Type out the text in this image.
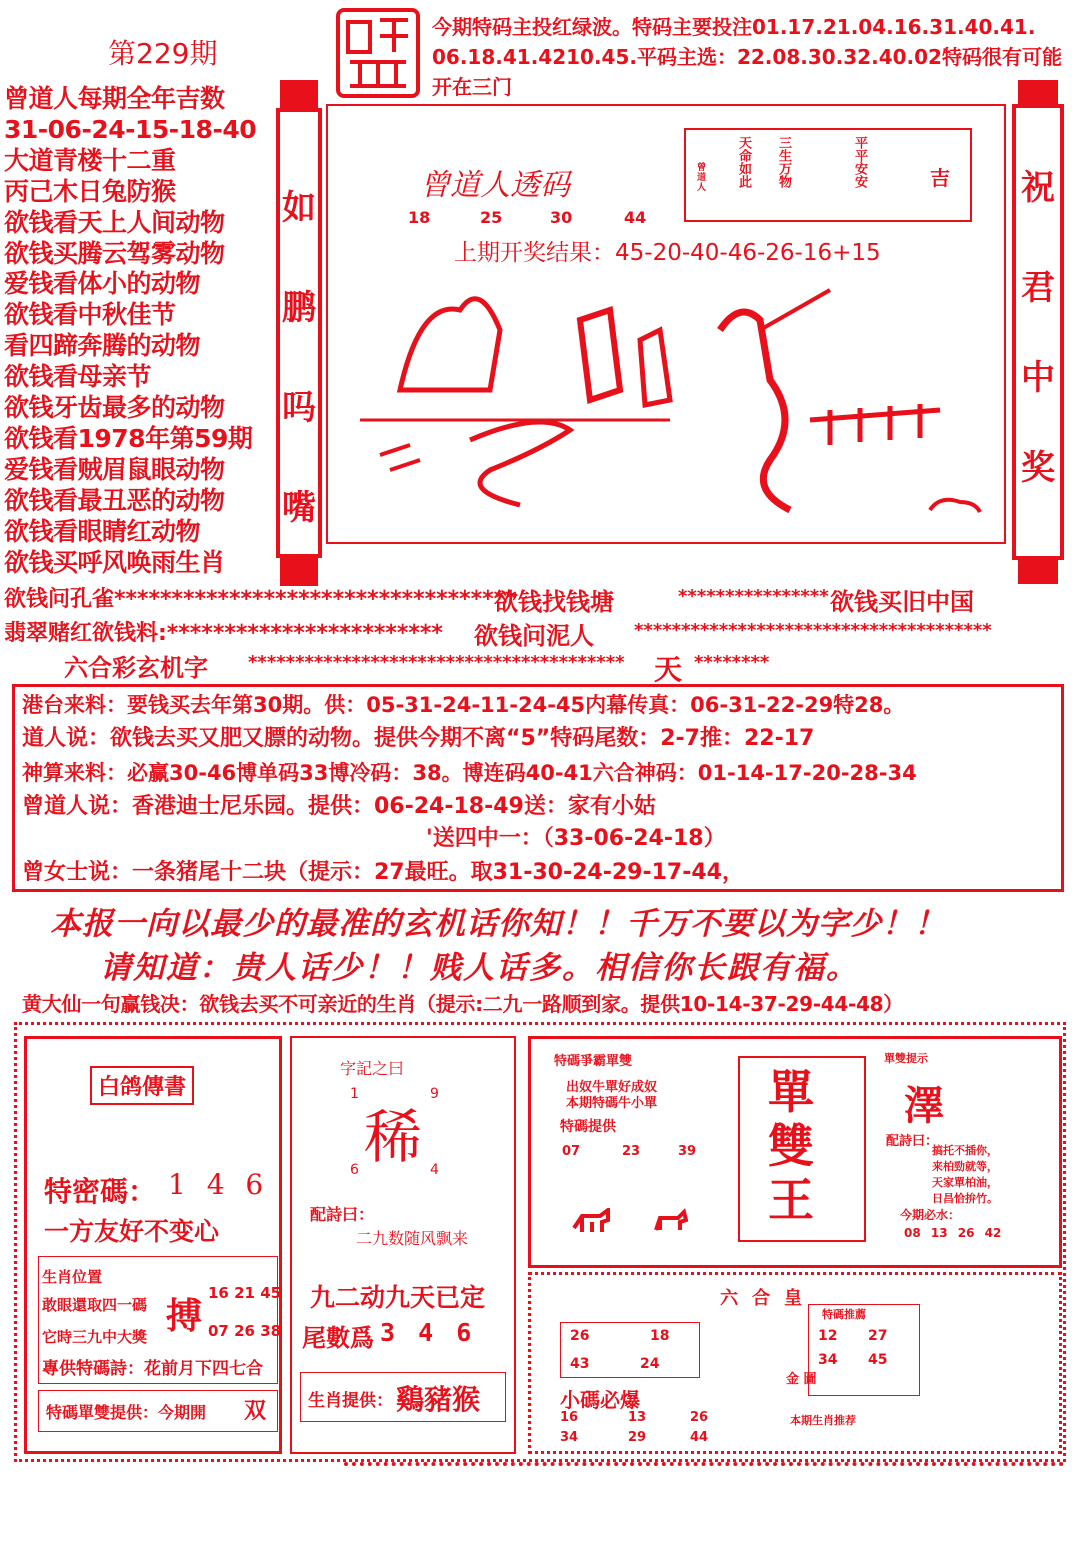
第229期
今期特码主投红绿波。特码主要投注01.17.21.04.16.31.40.41.
06.18.41.4210.45.平码主选：22.08.30.32.40.02特码很有可能
开在三门
曾道人每期全年吉数
31-06-24-15-18-40
大道青楼十二重
丙己木日兔防猴
欲钱看天上人间动物
欲钱买腾云驾雾动物
爱钱看体小的动物
欲钱看中秋佳节
看四蹄奔腾的动物
欲钱看母亲节
欲钱牙齿最多的动物
欲钱看1978年第59期
爱钱看贼眉鼠眼动物
欲钱看最丑恶的动物
欲钱看眼睛红动物
欲钱买呼风唤雨生肖
如
鹏
吗
嘴
曾道人透码
18	25	30	44
曾道人 天命如此 三生万物	平平安安	吉
上期开奖结果：45-20-40-46-26-16+15
祝
君
中
奖
欲钱问孔雀***********************************
欲钱找钱塘	**************** 欲钱买旧中国
翡翠赌红欲钱料:************************ 欲钱问泥人 **************************************
六合彩玄机字 **************************************** 天 ********
港台来料：要钱买去年第30期。供：05-31-24-11-24-45内幕传真：06-31-22-29特28。
道人说：欲钱去买又肥又膘的动物。提供今期不离“5”特码尾数：2-7推：22-17
神算来料：必赢30-46博单码33博冷码：38。博连码40-41六合神码：01-14-17-20-28-34
曾道人说：香港迪士尼乐园。提供：06-24-18-49送：家有小姑
'送四中一：（33-06-24-18）
曾女士说：一条猪尾十二块（提示：27最旺。取31-30-24-29-17-44，
本报一向以最少的最准的玄机话你知！！千万不要以为字少！！
请知道：贵人话少！！贱人话多。相信你长跟有福。
黄大仙一句赢钱决：欲钱去买不可亲近的生肖（提示:二九一路顺到家。提供10-14-37-29-44-48）
白鸽傳書
特密碼： 1 4 6
一方友好不变心
生肖位置
敢眼還取四一碼
它時三九中大獎 搏
16 21 45
07 26 38
專供特碼詩：花前月下四七合
特碼單雙提供：今期開 双
字記之曰
1	9
稀
6	4
配詩曰：
二九数随风飘来
九二动九天已定
尾數爲 3 4 6
生肖提供： 鷄豬猴
特碼爭霸單雙
出奴牛單好成奴
本期特碼牛小單
特碼提供
07	23	39
單
雙
王
單雙提示
澤
配詩曰：
搞托不插你，
来柏勁就等，
天家單柏油，
日昌恰拚竹。
今期必水：
08 13 26 42
六合皇
26	18
43	24
特碼推薦
12 27
34 45
金 圖
小碼必爆
16	13	26
34	29	44
本期生肖推荐
